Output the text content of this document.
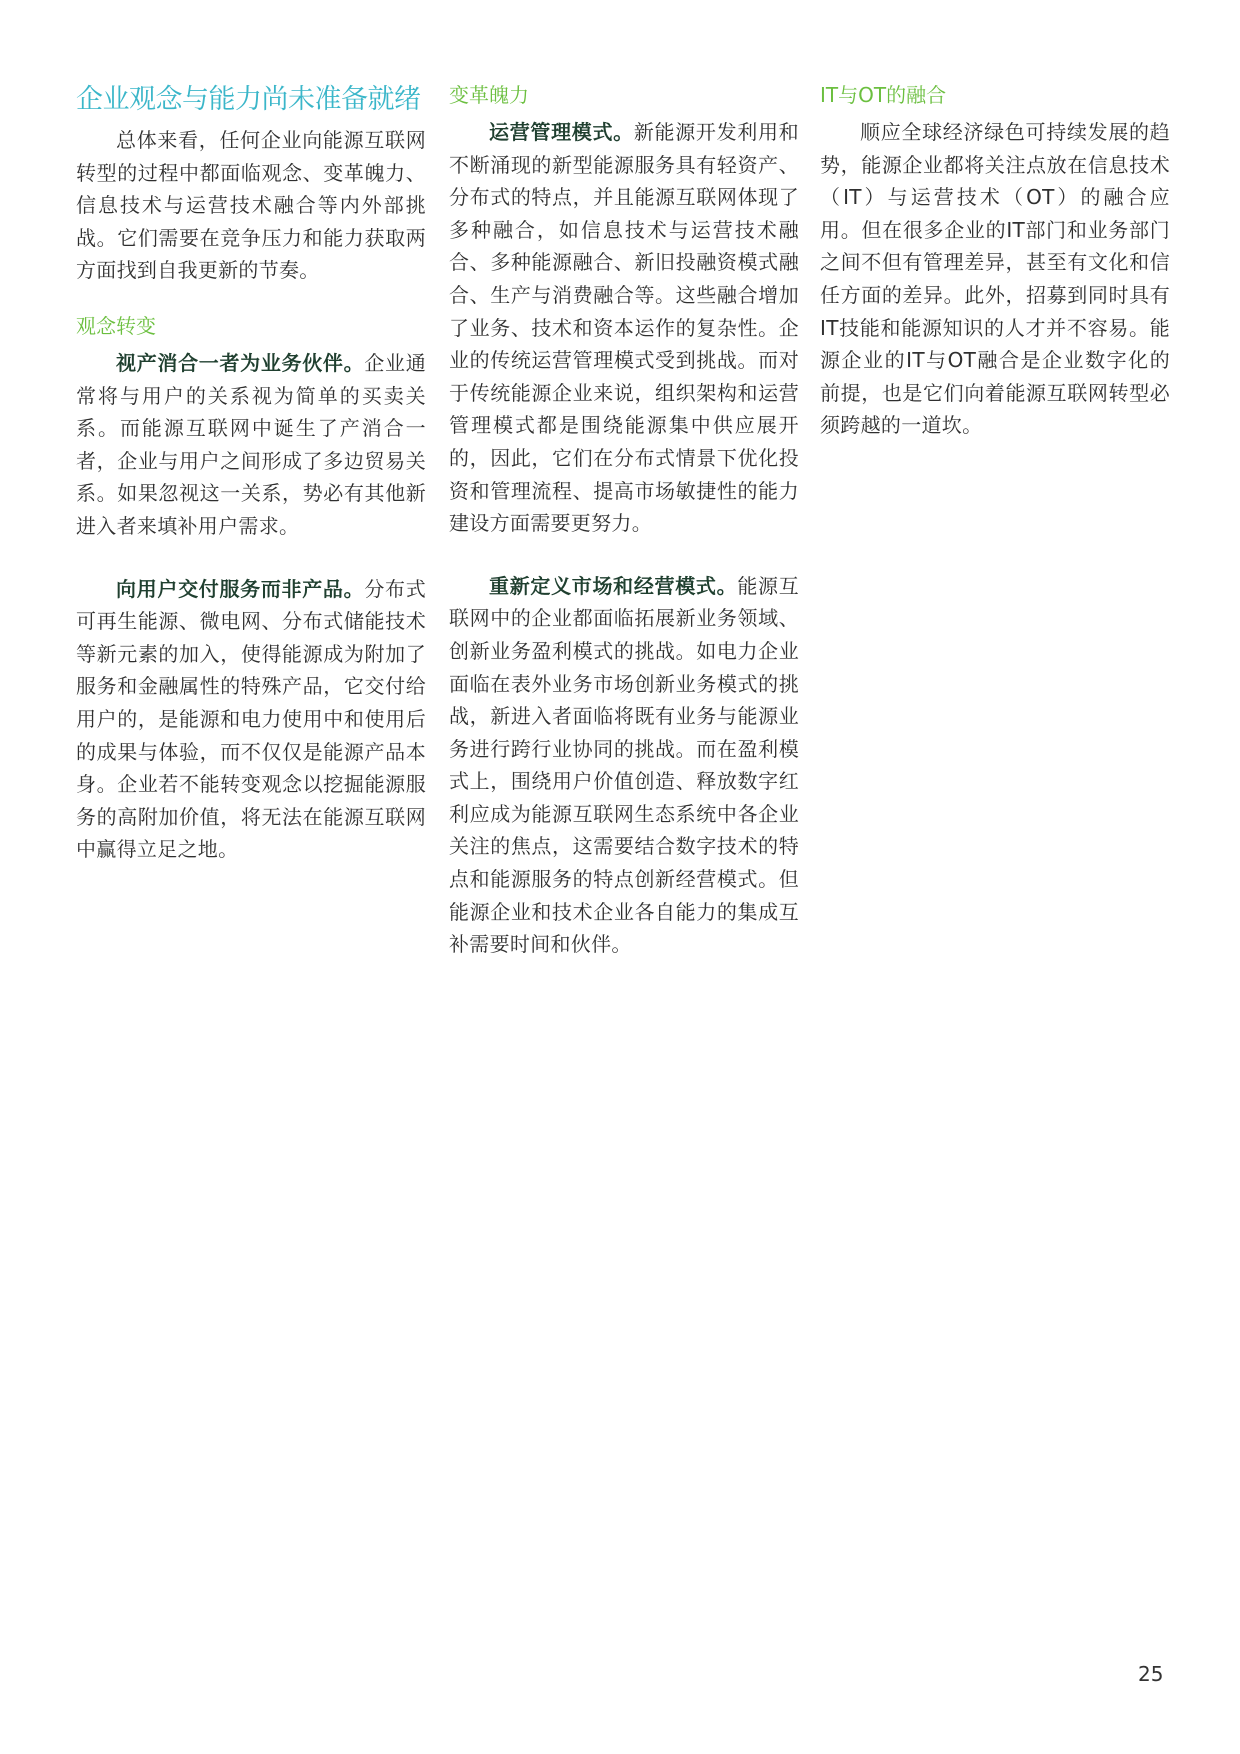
企业观念与能力尚未准备就绪

总体来看，任何企业向能源互联网转型的过程中都面临观念、变革魄力、信息技术与运营技术融合等内外部挑战。它们需要在竞争压力和能力获取两方面找到自我更新的节奏。

观念转变

视产消合一者为业务伙伴。企业通常将与用户的关系视为简单的买卖关系。而能源互联网中诞生了产消合一者，企业与用户之间形成了多边贸易关系。如果忽视这一关系，势必有其他新进入者来填补用户需求。

向用户交付服务而非产品。分布式可再生能源、微电网、分布式储能技术等新元素的加入，使得能源成为附加了服务和金融属性的特殊产品，它交付给用户的，是能源和电力使用中和使用后的成果与体验，而不仅仅是能源产品本身。企业若不能转变观念以挖掘能源服务的高附加价值，将无法在能源互联网中赢得立足之地。

变革魄力

运营管理模式。新能源开发利用和不断涌现的新型能源服务具有轻资产、分布式的特点，并且能源互联网体现了多种融合，如信息技术与运营技术融合、多种能源融合、新旧投融资模式融合、生产与消费融合等。这些融合增加了业务、技术和资本运作的复杂性。企业的传统运营管理模式受到挑战。而对于传统能源企业来说，组织架构和运营管理模式都是围绕能源集中供应展开的，因此，它们在分布式情景下优化投资和管理流程、提高市场敏捷性的能力建设方面需要更努力。

重新定义市场和经营模式。能源互联网中的企业都面临拓展新业务领域、创新业务盈利模式的挑战。如电力企业面临在表外业务市场创新业务模式的挑战，新进入者面临将既有业务与能源业务进行跨行业协同的挑战。而在盈利模式上，围绕用户价值创造、释放数字红利应成为能源互联网生态系统中各企业关注的焦点，这需要结合数字技术的特点和能源服务的特点创新经营模式。但能源企业和技术企业各自能力的集成互补需要时间和伙伴。

IT与OT的融合

顺应全球经济绿色可持续发展的趋势，能源企业都将关注点放在信息技术（IT）与运营技术（OT）的融合应用。但在很多企业的IT部门和业务部门之间不但有管理差异，甚至有文化和信任方面的差异。此外，招募到同时具有IT技能和能源知识的人才并不容易。能源企业的IT与OT融合是企业数字化的前提，也是它们向着能源互联网转型必须跨越的一道坎。

25
